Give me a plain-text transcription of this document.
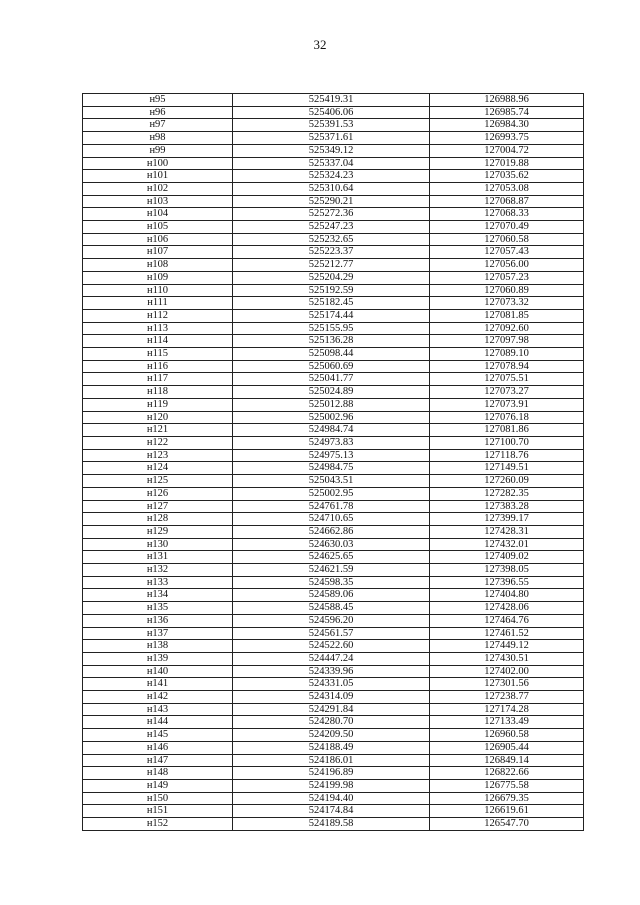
32
н95	525419.31	126988.96
н96	525406.06	126985.74
н97	525391.53	126984.30
н98	525371.61	126993.75
н99	525349.12	127004.72
н100	525337.04	127019.88
н101	525324.23	127035.62
н102	525310.64	127053.08
н103	525290.21	127068.87
н104	525272.36	127068.33
н105	525247.23	127070.49
н106	525232.65	127060.58
н107	525223.37	127057.43
н108	525212.77	127056.00
н109	525204.29	127057.23
н110	525192.59	127060.89
н111	525182.45	127073.32
н112	525174.44	127081.85
н113	525155.95	127092.60
н114	525136.28	127097.98
н115	525098.44	127089.10
н116	525060.69	127078.94
н117	525041.77	127075.51
н118	525024.89	127073.27
н119	525012.88	127073.91
н120	525002.96	127076.18
н121	524984.74	127081.86
н122	524973.83	127100.70
н123	524975.13	127118.76
н124	524984.75	127149.51
н125	525043.51	127260.09
н126	525002.95	127282.35
н127	524761.78	127383.28
н128	524710.65	127399.17
н129	524662.86	127428.31
н130	524630.03	127432.01
н131	524625.65	127409.02
н132	524621.59	127398.05
н133	524598.35	127396.55
н134	524589.06	127404.80
н135	524588.45	127428.06
н136	524596.20	127464.76
н137	524561.57	127461.52
н138	524522.60	127449.12
н139	524447.24	127430.51
н140	524339.96	127402.00
н141	524331.05	127301.56
н142	524314.09	127238.77
н143	524291.84	127174.28
н144	524280.70	127133.49
н145	524209.50	126960.58
н146	524188.49	126905.44
н147	524186.01	126849.14
н148	524196.89	126822.66
н149	524199.98	126775.58
н150	524194.40	126679.35
н151	524174.84	126619.61
н152	524189.58	126547.70
